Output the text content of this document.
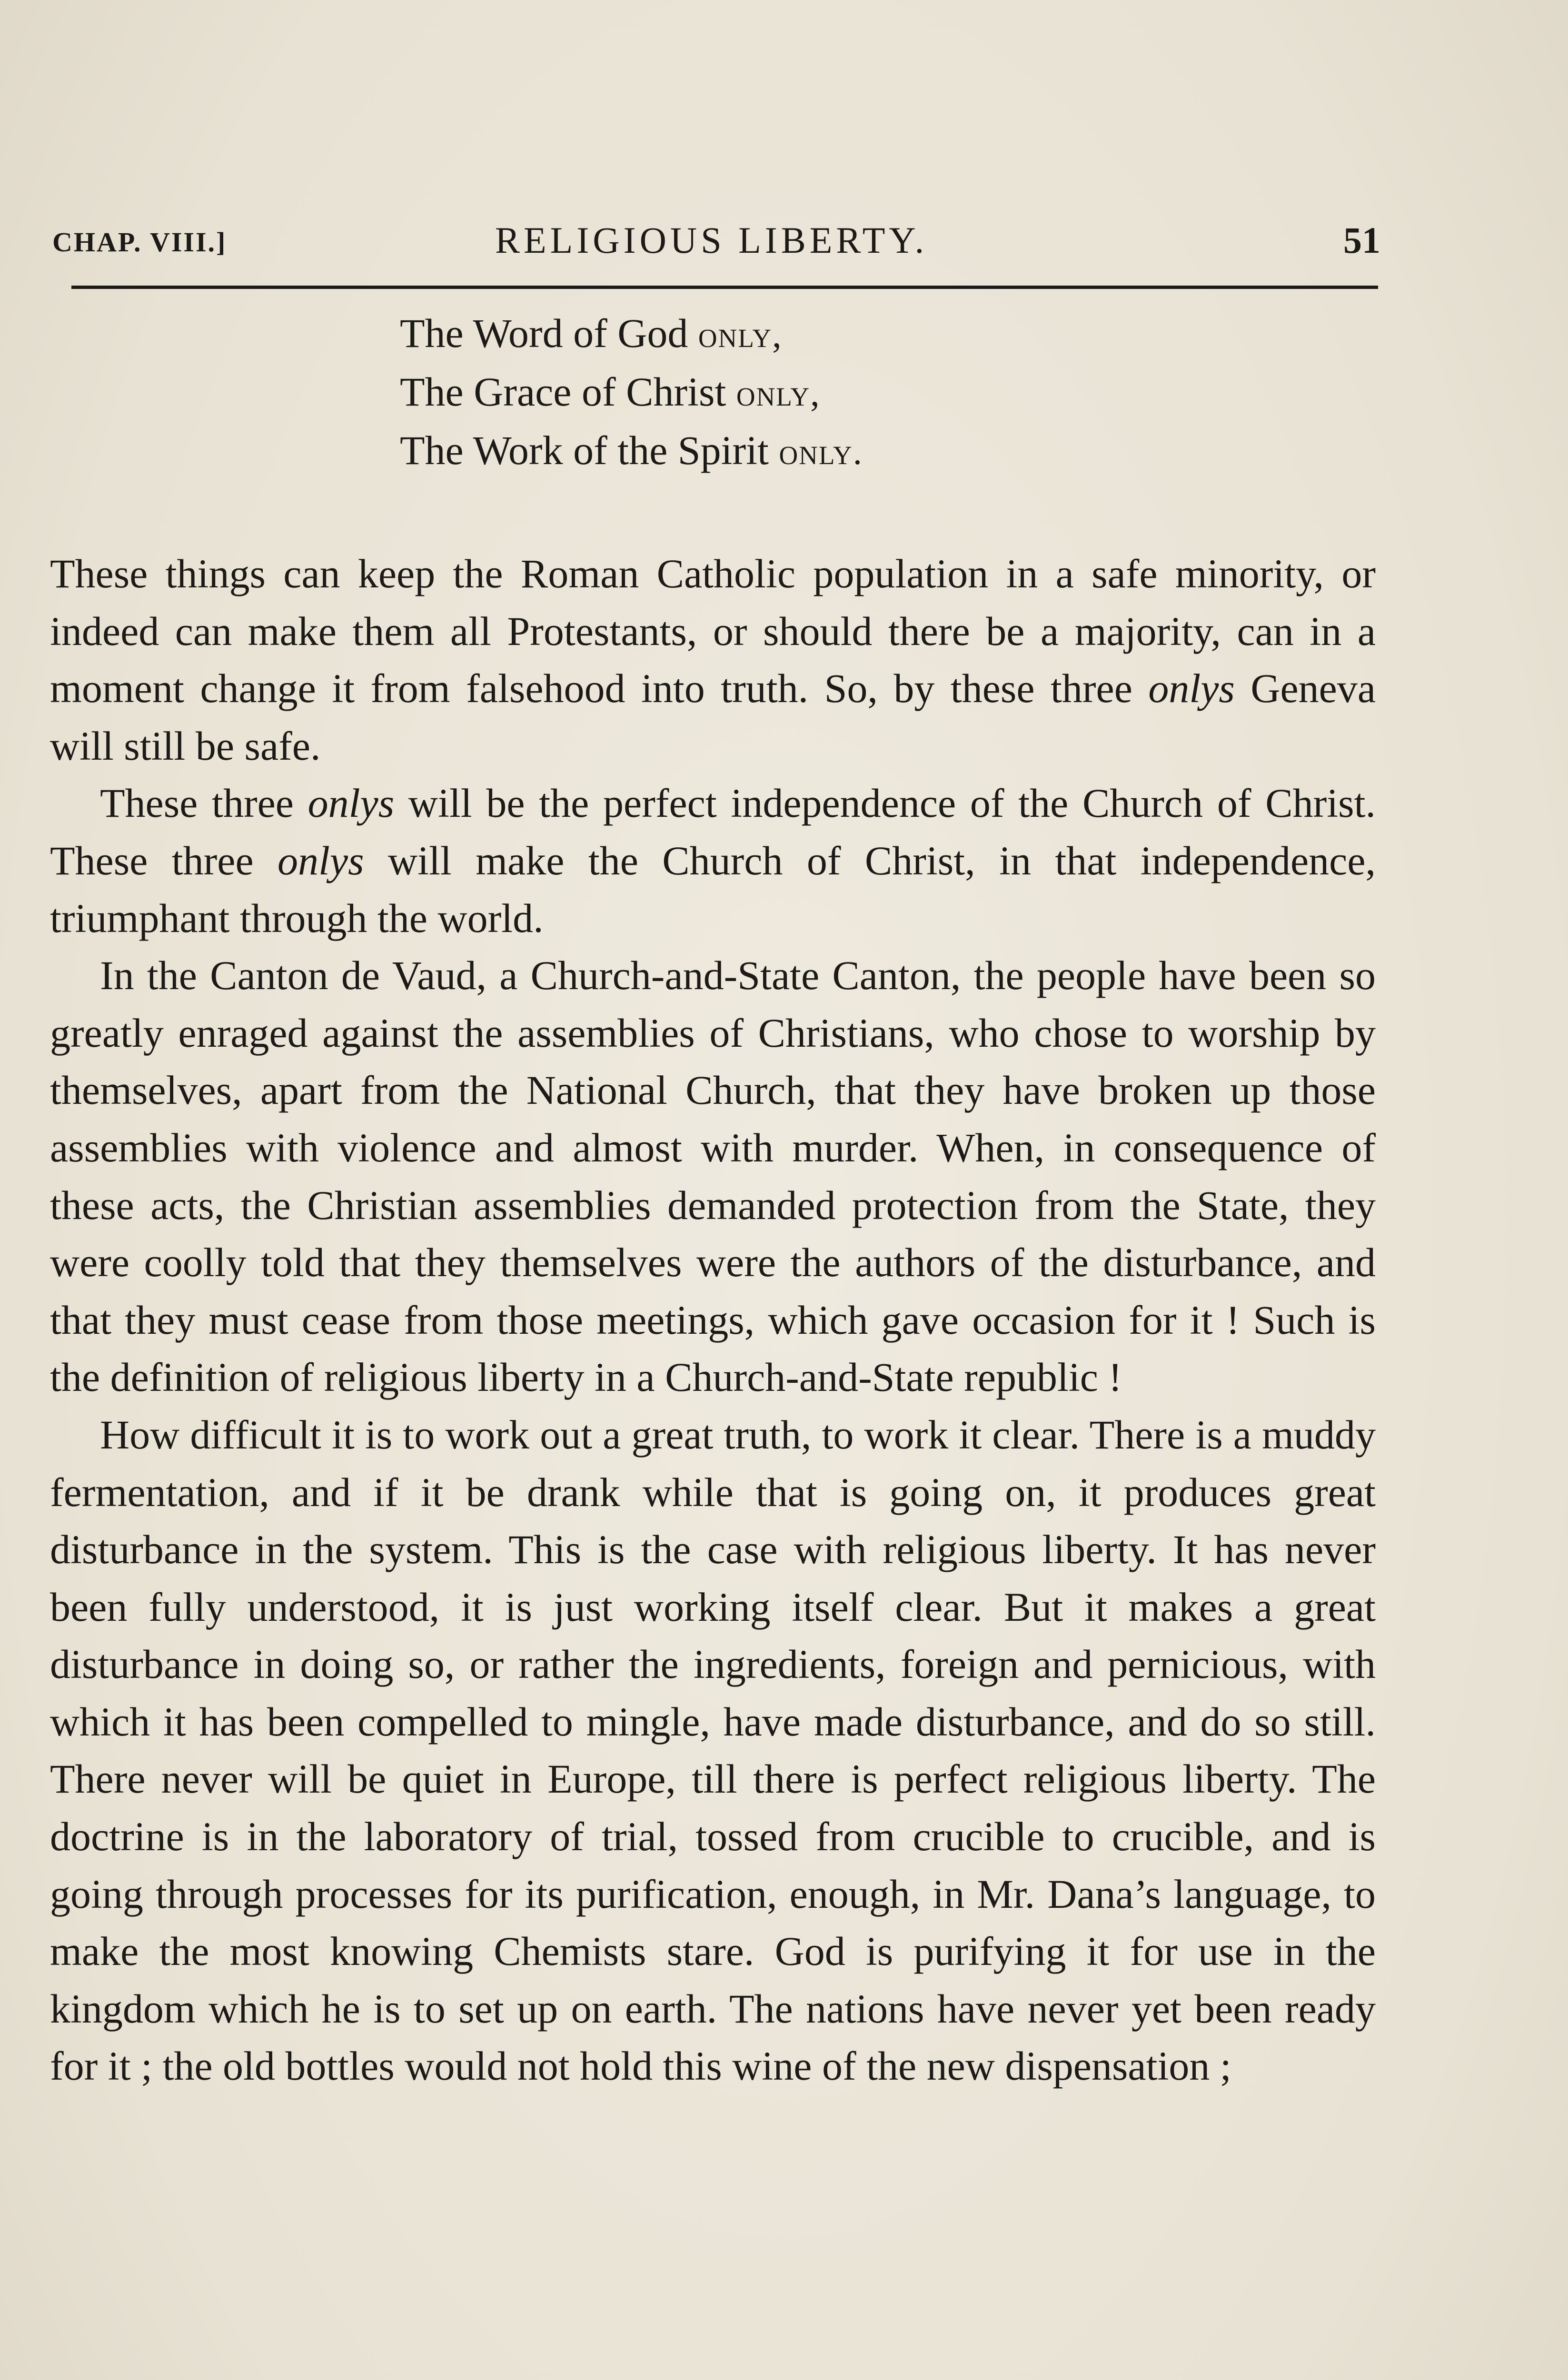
CHAP. VIII.]	RELIGIOUS LIBERTY.	51
The Word of God only,
The Grace of Christ only,
The Work of the Spirit only.

These things can keep the Roman Catholic population in a safe minority, or indeed can make them all Protestants, or should there be a majority, can in a moment change it from falsehood into truth. So, by these three onlys Geneva will still be safe.

These three onlys will be the perfect independence of the Church of Christ. These three onlys will make the Church of Christ, in that independence, triumphant through the world.

In the Canton de Vaud, a Church-and-State Canton, the people have been so greatly enraged against the assemblies of Christians, who chose to worship by themselves, apart from the National Church, that they have broken up those assemblies with violence and almost with murder. When, in consequence of these acts, the Christian assemblies demanded protection from the State, they were coolly told that they themselves were the authors of the disturbance, and that they must cease from those meetings, which gave occasion for it ! Such is the definition of religious liberty in a Church-and-State republic !

How difficult it is to work out a great truth, to work it clear. There is a muddy fermentation, and if it be drank while that is going on, it produces great disturbance in the system. This is the case with religious liberty. It has never been fully understood, it is just working itself clear. But it makes a great disturbance in doing so, or rather the ingredients, foreign and pernicious, with which it has been compelled to mingle, have made disturbance, and do so still. There never will be quiet in Europe, till there is perfect religious liberty. The doctrine is in the laboratory of trial, tossed from crucible to crucible, and is going through processes for its purification, enough, in Mr. Dana’s language, to make the most knowing Chemists stare. God is purifying it for use in the kingdom which he is to set up on earth. The nations have never yet been ready for it ; the old bottles would not hold this wine of the new dispensation ;
